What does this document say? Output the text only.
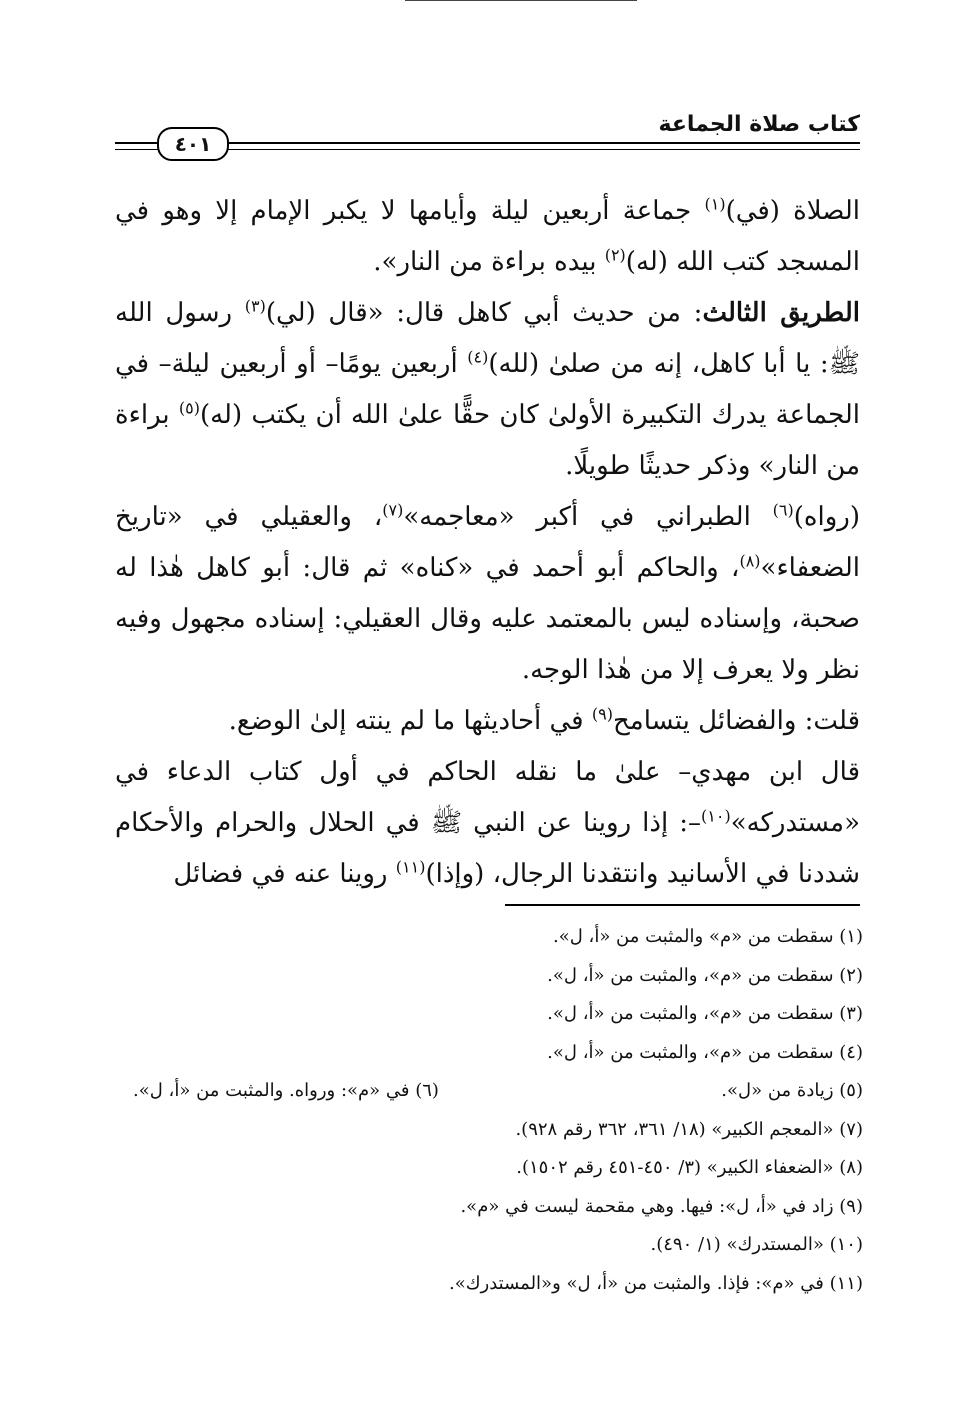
كتاب صلاة الجماعة
٤٠١

الصلاة (في)$^{(١)}$ جماعة أربعين ليلة وأيامها لا يكبر الإمام إلا وهو في المسجد كتب الله (له)$^{(٢)}$ بيده براءة من النار».

الطريق الثالث: من حديث أبي كاهل قال: «قال (لي)$^{(٣)}$ رسول الله ﷺ: يا أبا كاهل، إنه من صلىٰ (لله)$^{(٤)}$ أربعين يومًا– أو أربعين ليلة– في الجماعة يدرك التكبيرة الأولىٰ كان حقًّا علىٰ الله أن يكتب (له)$^{(٥)}$ براءة من النار» وذكر حديثًا طويلًا.

(رواه)$^{(٦)}$ الطبراني في أكبر «معاجمه»$^{(٧)}$، والعقيلي في «تاريخ الضعفاء»$^{(٨)}$، والحاكم أبو أحمد في «كناه» ثم قال: أبو كاهل هٰذا له صحبة، وإسناده ليس بالمعتمد عليه وقال العقيلي: إسناده مجهول وفيه نظر ولا يعرف إلا من هٰذا الوجه.

قلت: والفضائل يتسامح$^{(٩)}$ في أحاديثها ما لم ينته إلىٰ الوضع.

قال ابن مهدي– علىٰ ما نقله الحاكم في أول كتاب الدعاء في «مستدركه»$^{(١٠)}$–: إذا روينا عن النبي ﷺ في الحلال والحرام والأحكام شددنا في الأسانيد وانتقدنا الرجال، (وإذا)$^{(١١)}$ روينا عنه في فضائل

(١) سقطت من «م» والمثبت من «أ، ل».
(٢) سقطت من «م»، والمثبت من «أ، ل».
(٣) سقطت من «م»، والمثبت من «أ، ل».
(٤) سقطت من «م»، والمثبت من «أ، ل».
(٥) زيادة من «ل».
(٦) في «م»: ورواه. والمثبت من «أ، ل».
(٧) «المعجم الكبير» (١٨/ ٣٦١، ٣٦٢ رقم ٩٢٨).
(٨) «الضعفاء الكبير» (٣/ ٤٥٠-٤٥١ رقم ١٥٠٢).
(٩) زاد في «أ، ل»: فيها. وهي مقحمة ليست في «م».
(١٠) «المستدرك» (١/ ٤٩٠).
(١١) في «م»: فإذا. والمثبت من «أ، ل» و«المستدرك».
